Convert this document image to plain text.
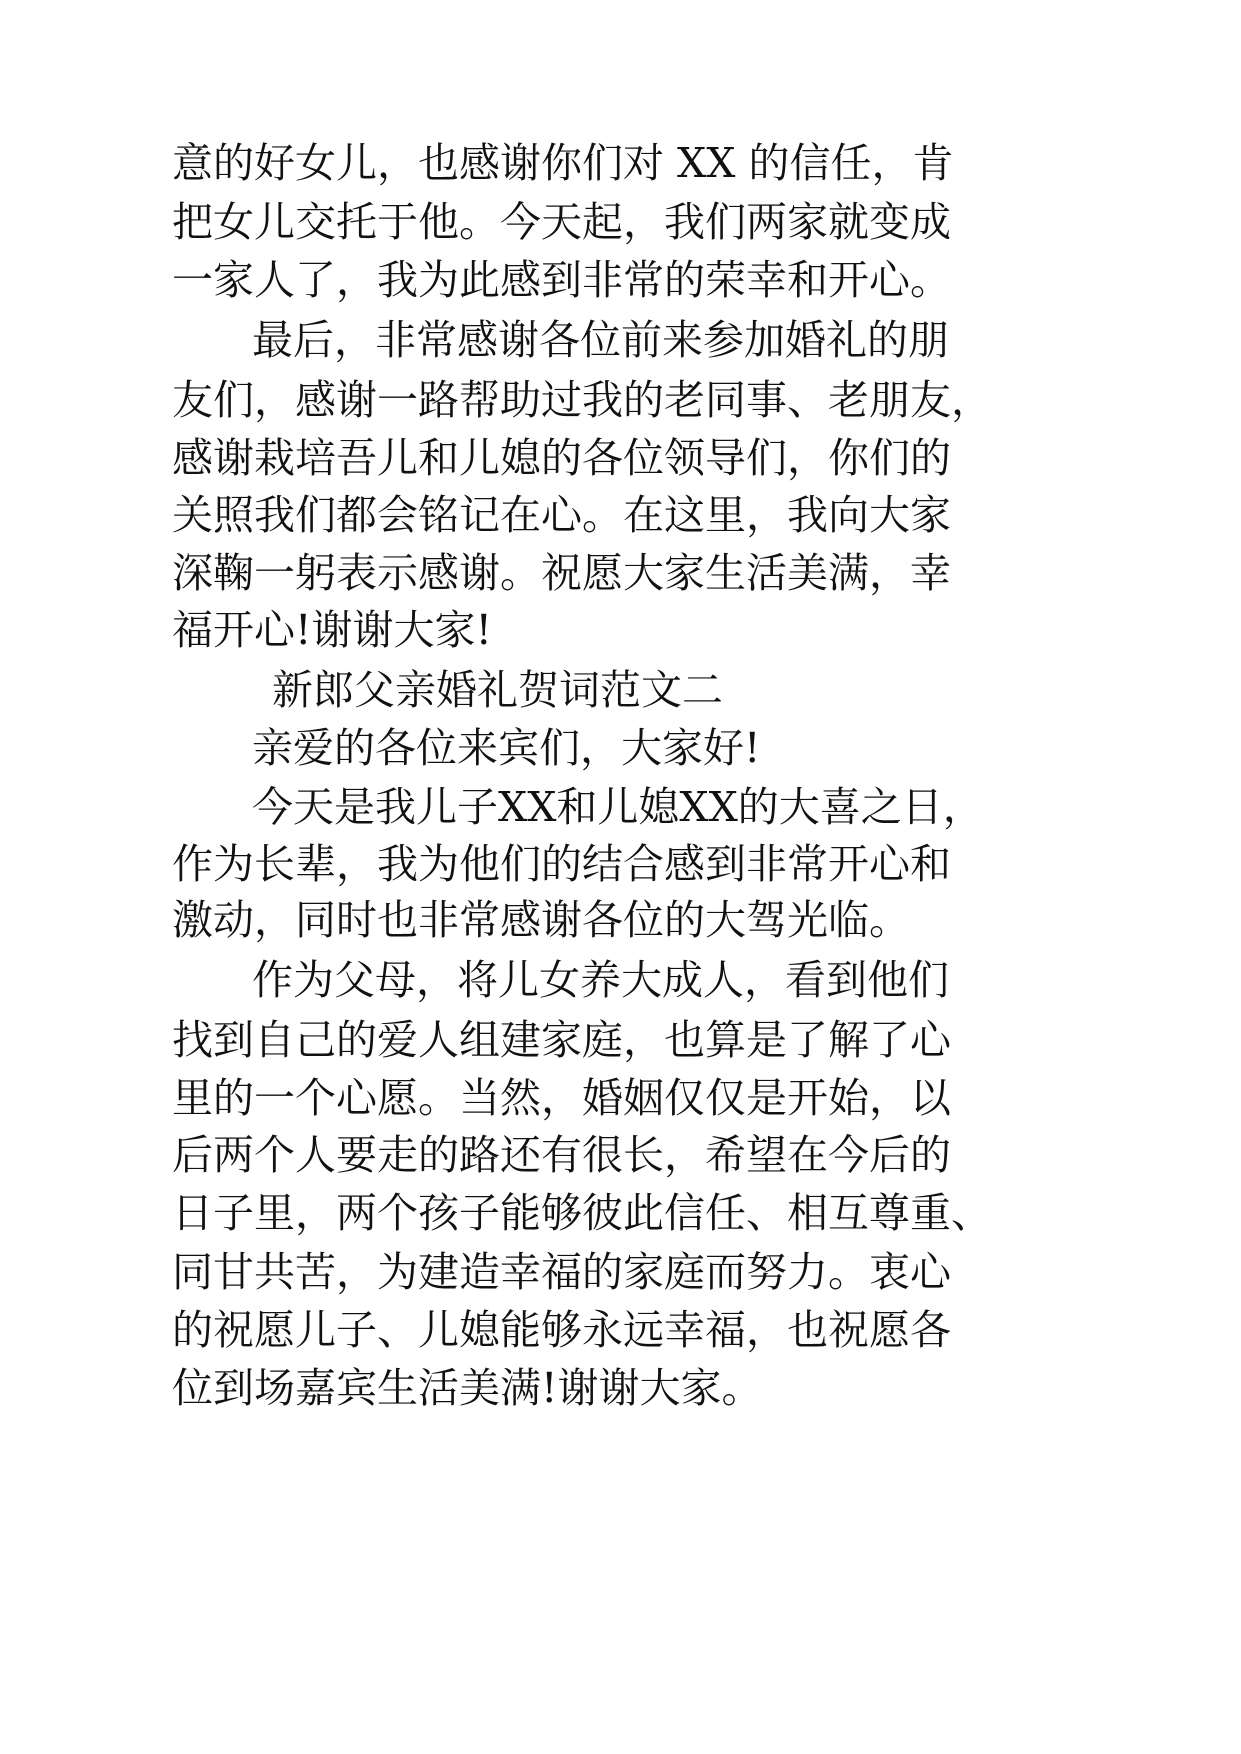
意的好女儿，也感谢你们对 XX 的信任，肯
把女儿交托于他。今天起，我们两家就变成
一家人了，我为此感到非常的荣幸和开心。
最后，非常感谢各位前来参加婚礼的朋
友们，感谢一路帮助过我的老同事、老朋友，
感谢栽培吾儿和儿媳的各位领导们，你们的
关照我们都会铭记在心。在这里，我向大家
深鞠一躬表示感谢。祝愿大家生活美满，幸
福开心!谢谢大家!
新郎父亲婚礼贺词范文二
亲爱的各位来宾们，大家好!
今天是我儿子XX和儿媳XX的大喜之日，
作为长辈，我为他们的结合感到非常开心和
激动，同时也非常感谢各位的大驾光临。
作为父母，将儿女养大成人，看到他们
找到自己的爱人组建家庭，也算是了解了心
里的一个心愿。当然，婚姻仅仅是开始，以
后两个人要走的路还有很长，希望在今后的
日子里，两个孩子能够彼此信任、相互尊重、
同甘共苦，为建造幸福的家庭而努力。衷心
的祝愿儿子、儿媳能够永远幸福，也祝愿各
位到场嘉宾生活美满!谢谢大家。
